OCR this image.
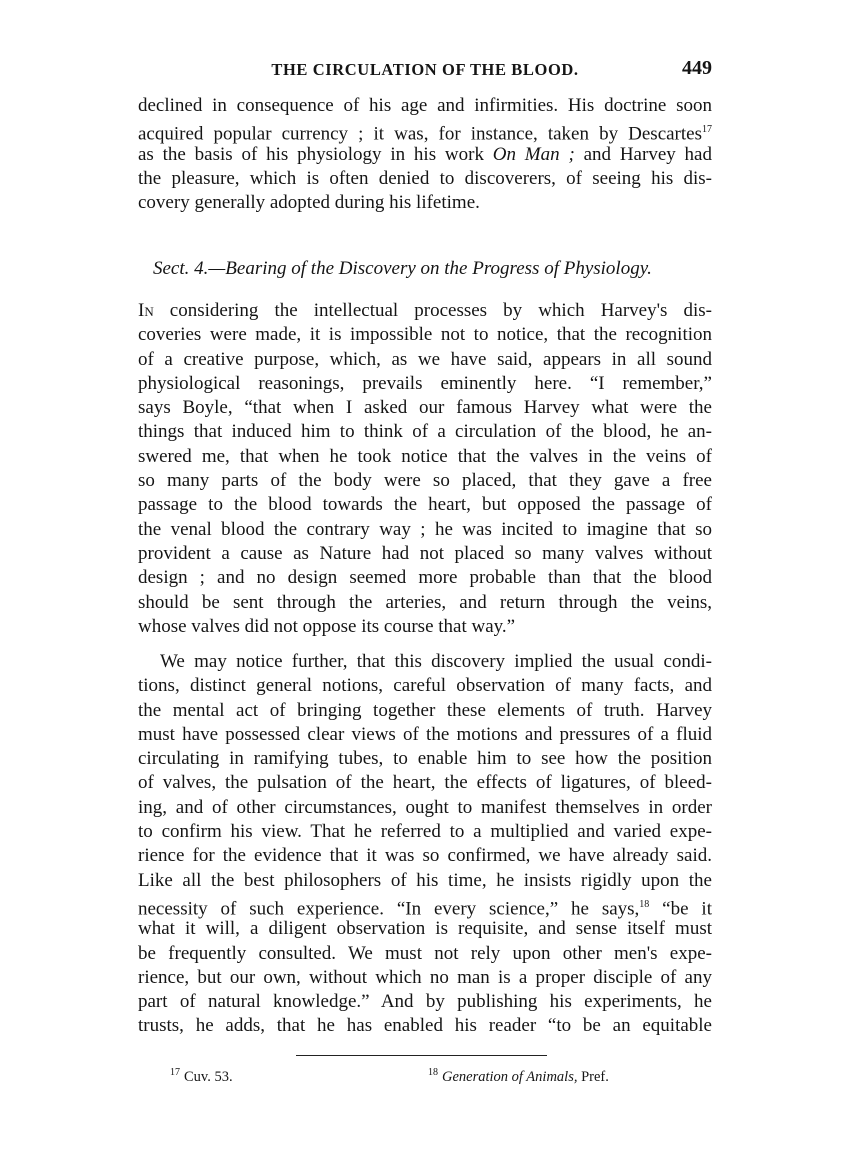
THE CIRCULATION OF THE BLOOD.	449
declined in consequence of his age and infirmities. His doctrine soon
acquired popular currency ; it was, for instance, taken by Descartes$^{17}$
as the basis of his physiology in his work On Man ; and Harvey had
the pleasure, which is often denied to discoverers, of seeing his dis-
covery generally adopted during his lifetime.
Sect. 4.—Bearing of the Discovery on the Progress of Physiology.
In considering the intellectual processes by which Harvey's dis-
coveries were made, it is impossible not to notice, that the recognition
of a creative purpose, which, as we have said, appears in all sound
physiological reasonings, prevails eminently here. “I remember,”
says Boyle, “that when I asked our famous Harvey what were the
things that induced him to think of a circulation of the blood, he an-
swered me, that when he took notice that the valves in the veins of
so many parts of the body were so placed, that they gave a free
passage to the blood towards the heart, but opposed the passage of
the venal blood the contrary way ; he was incited to imagine that so
provident a cause as Nature had not placed so many valves without
design ; and no design seemed more probable than that the blood
should be sent through the arteries, and return through the veins,
whose valves did not oppose its course that way.”
We may notice further, that this discovery implied the usual condi-
tions, distinct general notions, careful observation of many facts, and
the mental act of bringing together these elements of truth. Harvey
must have possessed clear views of the motions and pressures of a fluid
circulating in ramifying tubes, to enable him to see how the position
of valves, the pulsation of the heart, the effects of ligatures, of bleed-
ing, and of other circumstances, ought to manifest themselves in order
to confirm his view. That he referred to a multiplied and varied expe-
rience for the evidence that it was so confirmed, we have already said.
Like all the best philosophers of his time, he insists rigidly upon the
necessity of such experience. “In every science,” he says,$^{18}$ “be it
what it will, a diligent observation is requisite, and sense itself must
be frequently consulted. We must not rely upon other men's expe-
rience, but our own, without which no man is a proper disciple of any
part of natural knowledge.” And by publishing his experiments, he
trusts, he adds, that he has enabled his reader “to be an equitable
$^{17}$ Cuv. 53.	$^{18}$ Generation of Animals, Pref.
